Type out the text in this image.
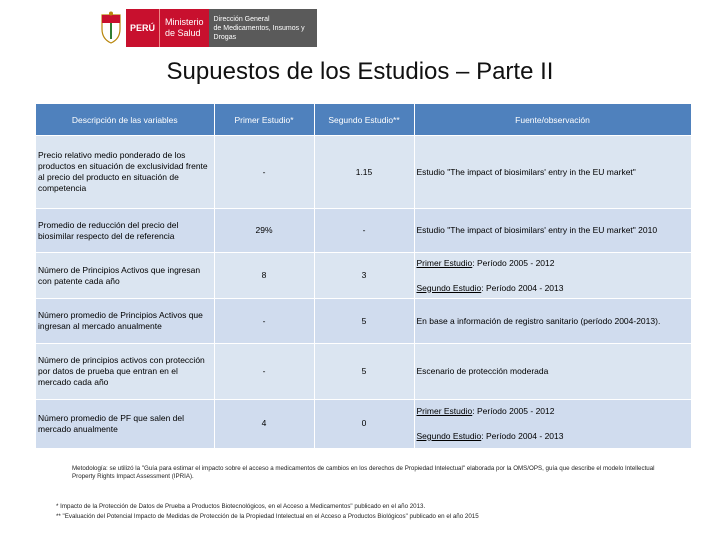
PERÚ
Ministerio
de Salud
Dirección General
de Medicamentos, Insumos y Drogas
Supuestos de los Estudios – Parte II
Descripción de las variables	Primer Estudio*	Segundo Estudio**	Fuente/observación
Precio relativo medio ponderado de los productos en situación de exclusividad frente al precio del producto en situación de competencia	-	1.15	Estudio "The impact of biosimilars' entry in the EU market"
Promedio de reducción del precio del biosimilar respecto del de referencia	29%	-	Estudio "The impact of biosimilars' entry in the EU market" 2010
Número de Principios Activos que ingresan con patente cada año	8	3	Primer Estudio: Período 2005 - 2012
Segundo Estudio: Período 2004 - 2013

Número promedio de Principios Activos que ingresan al mercado anualmente	-	5	En base a información de registro sanitario (período 2004-2013).
Número de principios activos con protección por datos de prueba que entran en el mercado cada año	-	5	Escenario de protección moderada
Número promedio de PF que salen del mercado anualmente	4	0	Primer Estudio: Período 2005 - 2012
Segundo Estudio: Período 2004 - 2013
Metodología: se utilizó la "Guía para estimar el impacto sobre el acceso a medicamentos de cambios en los derechos de Propiedad Intelectual" elaborada por la OMS/OPS, guía que describe el modelo Intellectual Property Rights Impact Assessment (IPRIA).
* Impacto de la Protección de Datos de Prueba a Productos Biotecnológicos, en el Acceso a Medicamentos" publicado en el año 2013.
** "Evaluación del Potencial Impacto de Medidas de Protección de la Propiedad Intelectual en el Acceso a Productos Biológicos" publicado en el año 2015
